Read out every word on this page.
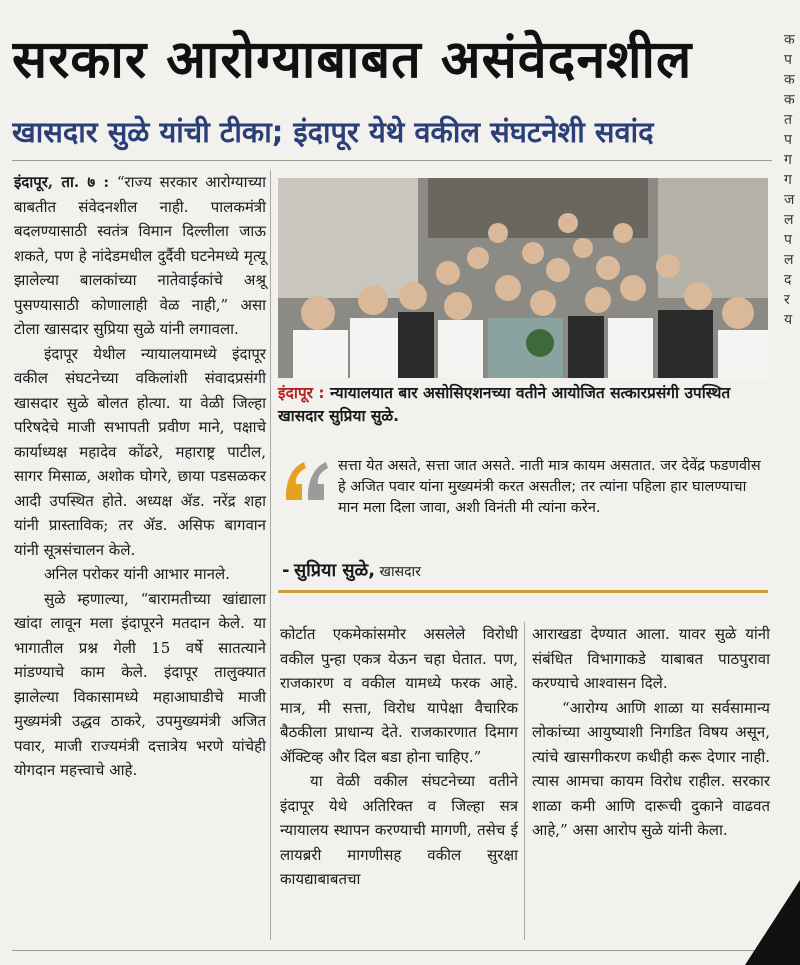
सरकार आरोग्याबाबत असंवेदनशील
खासदार सुळे यांची टीका; इंदापूर येथे वकील संघटनेशी सवांद

इंदापूर, ता. ७ : “राज्य सरकार आरोग्याच्या बाबतीत संवेदनशील नाही. पालकमंत्री बदलण्यासाठी स्वतंत्र विमान दिल्लीला जाऊ शकते, पण हे नांदेडमधील दुर्दैवी घटनेमध्ये मृत्यू झालेल्या बालकांच्या नातेवाईकांचे अश्रू पुसण्यासाठी कोणालाही वेळ नाही,” असा टोला खासदार सुप्रिया सुळे यांनी लगावला.

इंदापूर येथील न्यायालयामध्ये इंदापूर वकील संघटनेच्या वकिलांशी संवादप्रसंगी खासदार सुळे बोलत होत्या. या वेळी जिल्हा परिषदेचे माजी सभापती प्रवीण माने, पक्षाचे कार्याध्यक्ष महादेव कोंढरे, महाराष्ट्र पाटील, सागर मिसाळ, अशोक घोगरे, छाया पडसळकर आदी उपस्थित होते. अध्यक्ष ॲड. नरेंद्र शहा यांनी प्रास्ताविक; तर ॲड. असिफ बागवान यांनी सूत्रसंचालन केले.

अनिल परोकर यांनी आभार मानले.

सुळे म्हणाल्या, “बारामतीच्या खांद्याला खांदा लावून मला इंदापूरने मतदान केले. या भागातील प्रश्न गेली 15 वर्षे सातत्याने मांडण्याचे काम केले. इंदापूर तालुक्यात झालेल्या विकासामध्ये महाआघाडीचे माजी मुख्यमंत्री उद्धव ठाकरे, उपमुख्यमंत्री अजित पवार, माजी राज्यमंत्री दत्तात्रेय भरणे यांचेही योगदान महत्त्वाचे आहे.

इंदापूर : न्यायालयात बार असोसिएशनच्या वतीने आयोजित सत्कारप्रसंगी उपस्थित खासदार सुप्रिया सुळे.
सत्ता येत असते, सत्ता जात असते. नाती मात्र कायम असतात. जर देवेंद्र फडणवीस हे अजित पवार यांना मुख्यमंत्री करत असतील; तर त्यांना पहिला हार घालण्याचा मान मला दिला जावा, अशी विनंती मी त्यांना करेन.
- सुप्रिया सुळे, खासदार

कोर्टात एकमेकांसमोर असलेले विरोधी वकील पुन्हा एकत्र येऊन चहा घेतात. पण, राजकारण व वकील यामध्ये फरक आहे. मात्र, मी सत्ता, विरोध यापेक्षा वैचारिक बैठकीला प्राधान्य देते. राजकारणात दिमाग ॲक्टिव्ह और दिल बडा होना चाहिए.”

या वेळी वकील संघटनेच्या वतीने इंदापूर येथे अतिरिक्त व जिल्हा सत्र न्यायालय स्थापन करण्याची मागणी, तसेच ई लायब्ररी मागणीसह वकील सुरक्षा कायद्याबाबतचा

आराखडा देण्यात आला. यावर सुळे यांनी संबंधित विभागाकडे याबाबत पाठपुरावा करण्याचे आश्वासन दिले.

“आरोग्य आणि शाळा या सर्वसामान्य लोकांच्या आयुष्याशी निगडित विषय असून, त्यांचे खासगीकरण कधीही करू देणार नाही. त्यास आमचा कायम विरोध राहील. सरकार शाळा कमी आणि दारूची दुकाने वाढवत आहे,” असा आरोप सुळे यांनी केला.

क प क क त प ग ग ज ल प ल द र य
